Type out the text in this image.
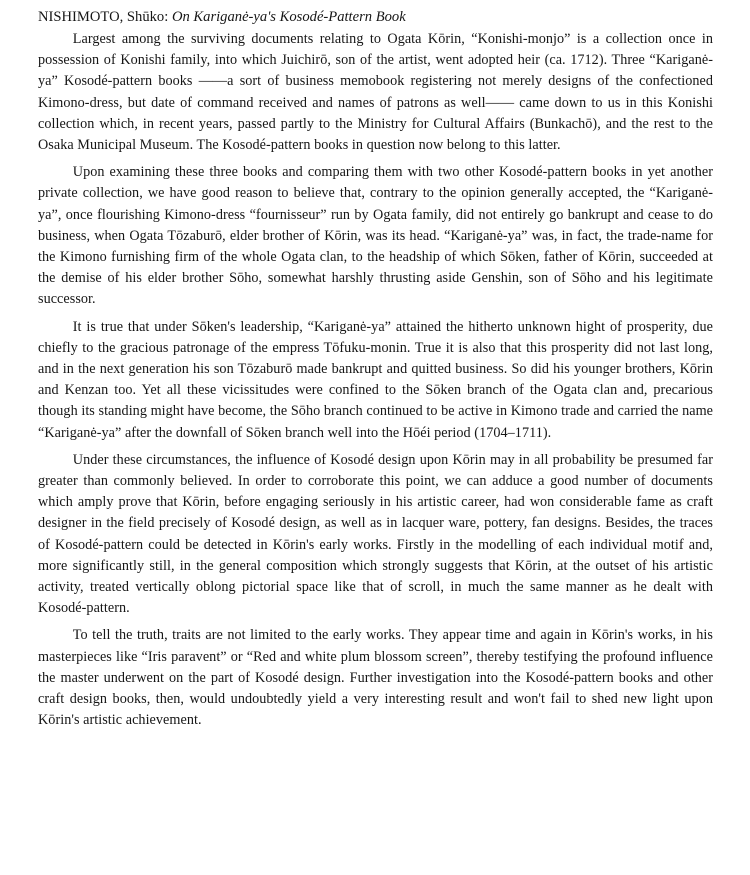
NISHIMOTO, Shūko: On Kariganė-ya's Kosodé-Pattern Book

Largest among the surviving documents relating to Ogata Kōrin, “Konishi-monjo” is a collection once in possession of Konishi family, into which Juichirō, son of the artist, went adopted heir (ca. 1712). Three “Kariganė-ya” Kosodé-pattern books ——a sort of business memobook registering not merely designs of the confectioned Kimono-dress, but date of command received and names of patrons as well—— came down to us in this Konishi collection which, in recent years, passed partly to the Ministry for Cultural Affairs (Bunkachō), and the rest to the Osaka Municipal Museum. The Kosodé-pattern books in question now belong to this latter.

Upon examining these three books and comparing them with two other Kosodé-pattern books in yet another private collection, we have good reason to believe that, contrary to the opinion generally accepted, the “Kariganė-ya”, once flourishing Kimono-dress “fournisseur” run by Ogata family, did not entirely go bankrupt and cease to do business, when Ogata Tōzaburō, elder brother of Kōrin, was its head. “Kariganė-ya” was, in fact, the trade-name for the Kimono furnishing firm of the whole Ogata clan, to the headship of which Sōken, father of Kōrin, succeeded at the demise of his elder brother Sōho, somewhat harshly thrusting aside Genshin, son of Sōho and his legitimate successor.

It is true that under Sōken's leadership, “Kariganė-ya” attained the hitherto unknown hight of prosperity, due chiefly to the gracious patronage of the empress Tōfuku-monin. True it is also that this prosperity did not last long, and in the next generation his son Tōzaburō made bankrupt and quitted business. So did his younger brothers, Kōrin and Kenzan too. Yet all these vicissitudes were confined to the Sōken branch of the Ogata clan and, precarious though its standing might have become, the Sōho branch continued to be active in Kimono trade and carried the name “Kariganė-ya” after the downfall of Sōken branch well into the Hōéi period (1704–1711).

Under these circumstances, the influence of Kosodé design upon Kōrin may in all probability be presumed far greater than commonly believed. In order to corroborate this point, we can adduce a good number of documents which amply prove that Kōrin, before engaging seriously in his artistic career, had won considerable fame as craft designer in the field precisely of Kosodé design, as well as in lacquer ware, pottery, fan designs. Besides, the traces of Kosodé-pattern could be detected in Kōrin's early works. Firstly in the modelling of each individual motif and, more significantly still, in the general composition which strongly suggests that Kōrin, at the outset of his artistic activity, treated vertically oblong pictorial space like that of scroll, in much the same manner as he dealt with Kosodé-pattern.

To tell the truth, traits are not limited to the early works. They appear time and again in Kōrin's works, in his masterpieces like “Iris paravent” or “Red and white plum blossom screen”, thereby testifying the profound influence the master underwent on the part of Kosodé design. Further investigation into the Kosodé-pattern books and other craft design books, then, would undoubtedly yield a very interesting result and won't fail to shed new light upon Kōrin's artistic achievement.
